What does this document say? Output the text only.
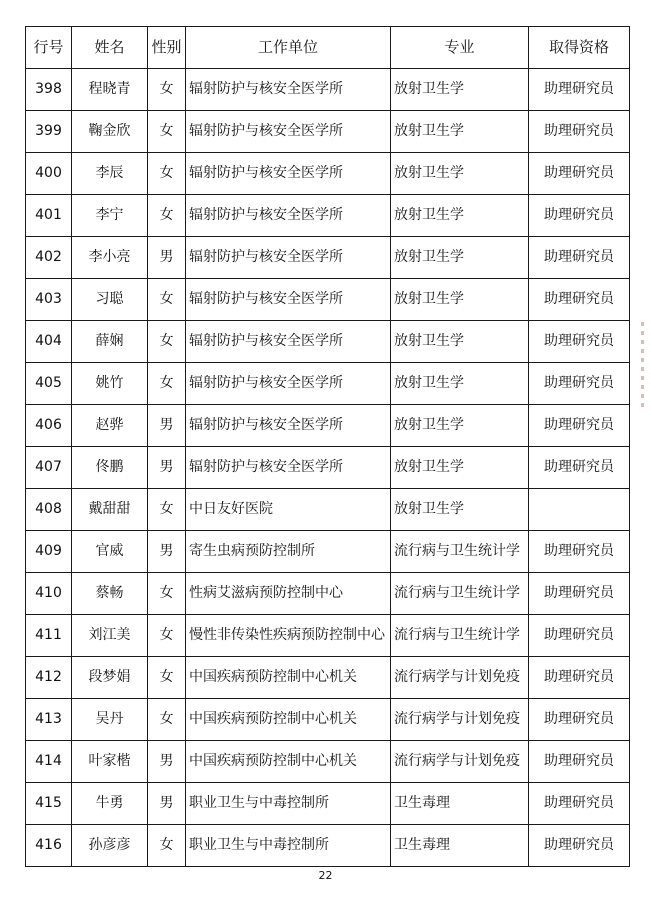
行号	姓名	性别	工作单位	专业	取得资格
398	程晓青	女	辐射防护与核安全医学所	放射卫生学	助理研究员
399	鞠金欣	女	辐射防护与核安全医学所	放射卫生学	助理研究员
400	李辰	女	辐射防护与核安全医学所	放射卫生学	助理研究员
401	李宁	女	辐射防护与核安全医学所	放射卫生学	助理研究员
402	李小亮	男	辐射防护与核安全医学所	放射卫生学	助理研究员
403	习聪	女	辐射防护与核安全医学所	放射卫生学	助理研究员
404	薛娴	女	辐射防护与核安全医学所	放射卫生学	助理研究员
405	姚竹	女	辐射防护与核安全医学所	放射卫生学	助理研究员
406	赵骅	男	辐射防护与核安全医学所	放射卫生学	助理研究员
407	佟鹏	男	辐射防护与核安全医学所	放射卫生学	助理研究员
408	戴甜甜	女	中日友好医院	放射卫生学	
409	官威	男	寄生虫病预防控制所	流行病与卫生统计学	助理研究员
410	蔡畅	女	性病艾滋病预防控制中心	流行病与卫生统计学	助理研究员
411	刘江美	女	慢性非传染性疾病预防控制中心	流行病与卫生统计学	助理研究员
412	段梦娟	女	中国疾病预防控制中心机关	流行病学与计划免疫	助理研究员
413	吴丹	女	中国疾病预防控制中心机关	流行病学与计划免疫	助理研究员
414	叶家楷	男	中国疾病预防控制中心机关	流行病学与计划免疫	助理研究员
415	牛勇	男	职业卫生与中毒控制所	卫生毒理	助理研究员
416	孙彦彦	女	职业卫生与中毒控制所	卫生毒理	助理研究员
22
